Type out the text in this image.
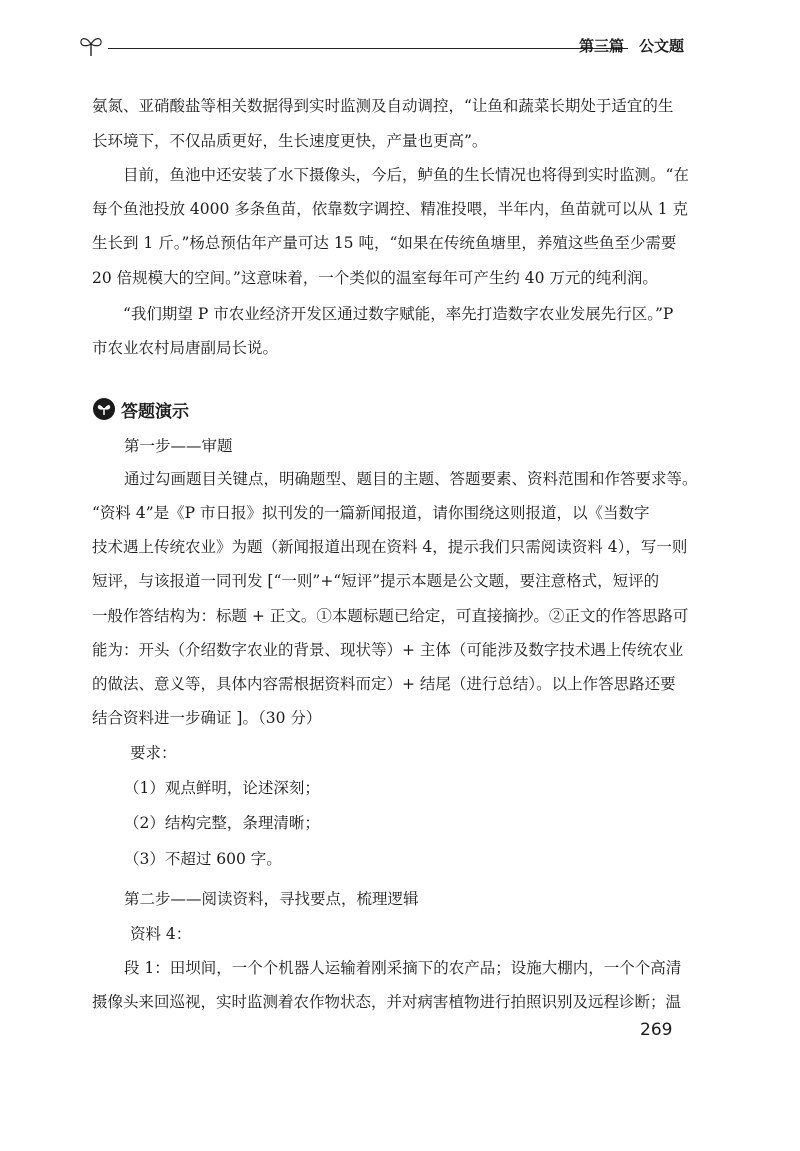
第三篇　公文题
氨氮、亚硝酸盐等相关数据得到实时监测及自动调控，“让鱼和蔬菜长期处于适宜的生
长环境下，不仅品质更好，生长速度更快，产量也更高”。
　　目前，鱼池中还安装了水下摄像头，今后，鲈鱼的生长情况也将得到实时监测。“在
每个鱼池投放 4000 多条鱼苗，依靠数字调控、精准投喂，半年内，鱼苗就可以从 1 克
生长到 1 斤。”杨总预估年产量可达 15 吨，“如果在传统鱼塘里，养殖这些鱼至少需要
20 倍规模大的空间。”这意味着，一个类似的温室每年可产生约 40 万元的纯利润。
　　“我们期望 P 市农业经济开发区通过数字赋能，率先打造数字农业发展先行区。”P
市农业农村局唐副局长说。
答题演示
第一步——审题
通过勾画题目关键点，明确题型、题目的主题、答题要素、资料范围和作答要求等。
“资料 4”是《P 市日报》拟刊发的一篇新闻报道，请你围绕这则报道，以《当数字
技术遇上传统农业》为题（新闻报道出现在资料 4，提示我们只需阅读资料 4），写一则
短评，与该报道一同刊发 [“一则”+“短评”提示本题是公文题，要注意格式，短评的
一般作答结构为：标题 + 正文。①本题标题已给定，可直接摘抄。②正文的作答思路可
能为：开头（介绍数字农业的背景、现状等）+ 主体（可能涉及数字技术遇上传统农业
的做法、意义等，具体内容需根据资料而定）+ 结尾（进行总结）。以上作答思路还要
结合资料进一步确证 ]。（30 分）
要求：
（1）观点鲜明，论述深刻；
（2）结构完整，条理清晰；
（3）不超过 600 字。
第二步——阅读资料，寻找要点，梳理逻辑
资料 4：
段 1：田坝间，一个个机器人运输着刚采摘下的农产品；设施大棚内，一个个高清
摄像头来回巡视，实时监测着农作物状态，并对病害植物进行拍照识别及远程诊断；温
269
